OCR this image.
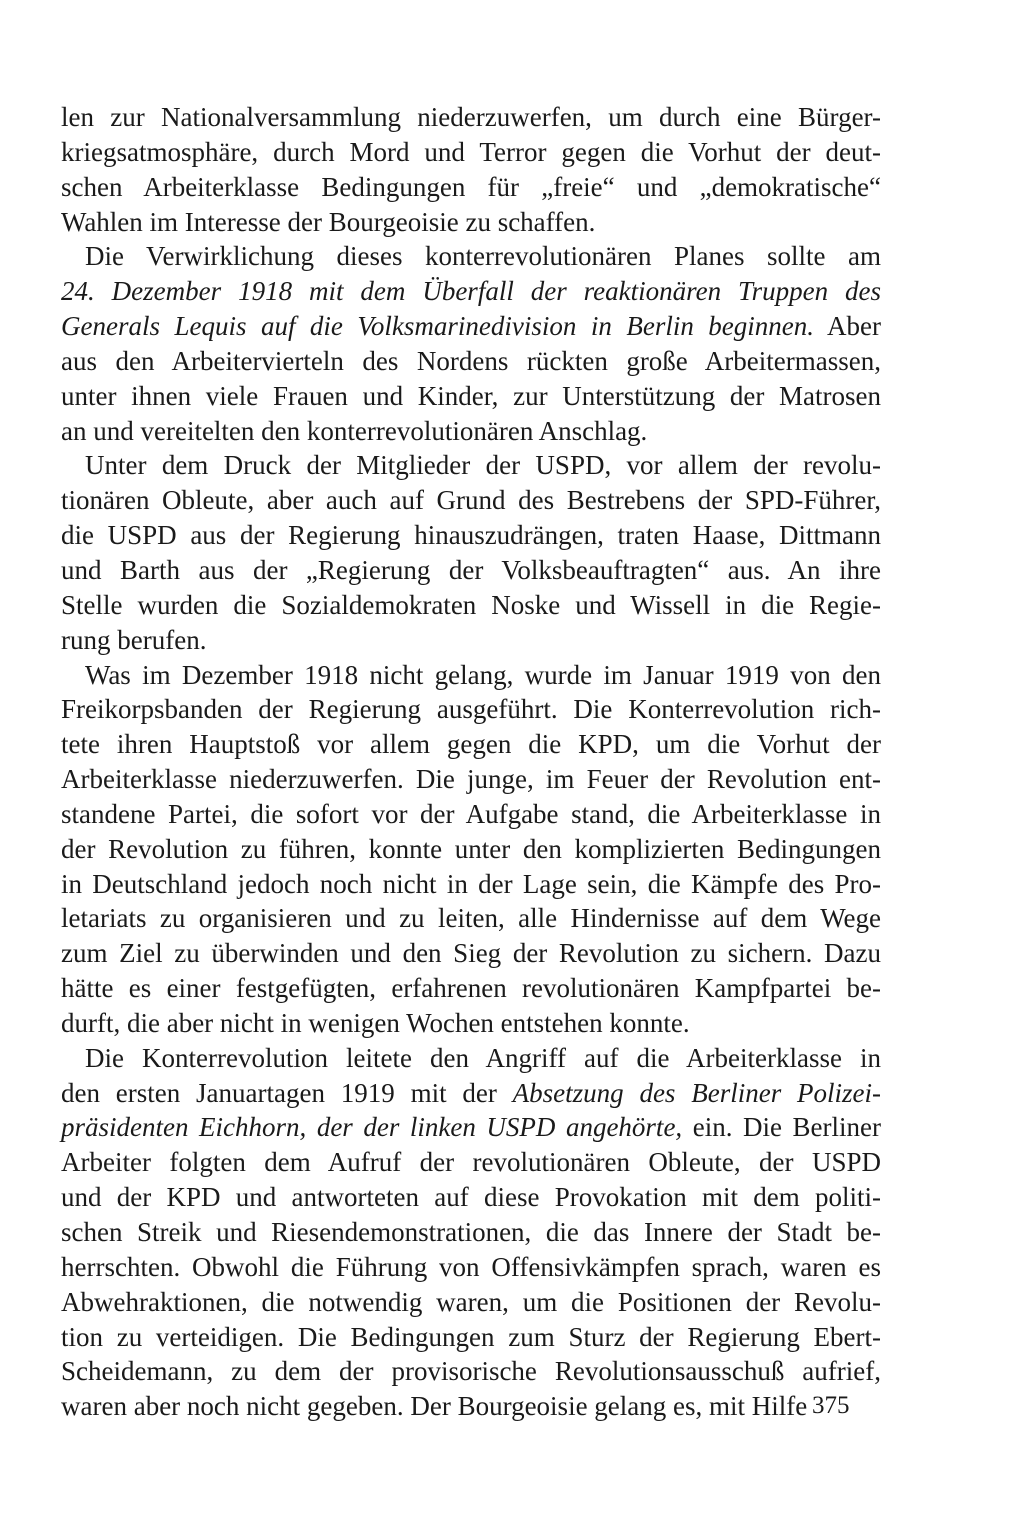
len zur Nationalversammlung niederzuwerfen, um durch eine Bürger-
kriegsatmosphäre, durch Mord und Terror gegen die Vorhut der deut-
schen Arbeiterklasse Bedingungen für „freie“ und „demokratische“
Wahlen im Interesse der Bourgeoisie zu schaffen.
Die Verwirklichung dieses konterrevolutionären Planes sollte am
24. Dezember 1918 mit dem Überfall der reaktionären Truppen des
Generals Lequis auf die Volksmarinedivision in Berlin beginnen. Aber
aus den Arbeitervierteln des Nordens rückten große Arbeitermassen,
unter ihnen viele Frauen und Kinder, zur Unterstützung der Matrosen
an und vereitelten den konterrevolutionären Anschlag.
Unter dem Druck der Mitglieder der USPD, vor allem der revolu-
tionären Obleute, aber auch auf Grund des Bestrebens der SPD-Führer,
die USPD aus der Regierung hinauszudrängen, traten Haase, Dittmann
und Barth aus der „Regierung der Volksbeauftragten“ aus. An ihre
Stelle wurden die Sozialdemokraten Noske und Wissell in die Regie-
rung berufen.
Was im Dezember 1918 nicht gelang, wurde im Januar 1919 von den
Freikorpsbanden der Regierung ausgeführt. Die Konterrevolution rich-
tete ihren Hauptstoß vor allem gegen die KPD, um die Vorhut der
Arbeiterklasse niederzuwerfen. Die junge, im Feuer der Revolution ent-
standene Partei, die sofort vor der Aufgabe stand, die Arbeiterklasse in
der Revolution zu führen, konnte unter den komplizierten Bedingungen
in Deutschland jedoch noch nicht in der Lage sein, die Kämpfe des Pro-
letariats zu organisieren und zu leiten, alle Hindernisse auf dem Wege
zum Ziel zu überwinden und den Sieg der Revolution zu sichern. Dazu
hätte es einer festgefügten, erfahrenen revolutionären Kampfpartei be-
durft, die aber nicht in wenigen Wochen entstehen konnte.
Die Konterrevolution leitete den Angriff auf die Arbeiterklasse in
den ersten Januartagen 1919 mit der Absetzung des Berliner Polizei-
präsidenten Eichhorn, der der linken USPD angehörte, ein. Die Berliner
Arbeiter folgten dem Aufruf der revolutionären Obleute, der USPD
und der KPD und antworteten auf diese Provokation mit dem politi-
schen Streik und Riesendemonstrationen, die das Innere der Stadt be-
herrschten. Obwohl die Führung von Offensivkämpfen sprach, waren es
Abwehraktionen, die notwendig waren, um die Positionen der Revolu-
tion zu verteidigen. Die Bedingungen zum Sturz der Regierung Ebert-
Scheidemann, zu dem der provisorische Revolutionsausschuß aufrief,
waren aber noch nicht gegeben. Der Bourgeoisie gelang es, mit Hilfe 375
